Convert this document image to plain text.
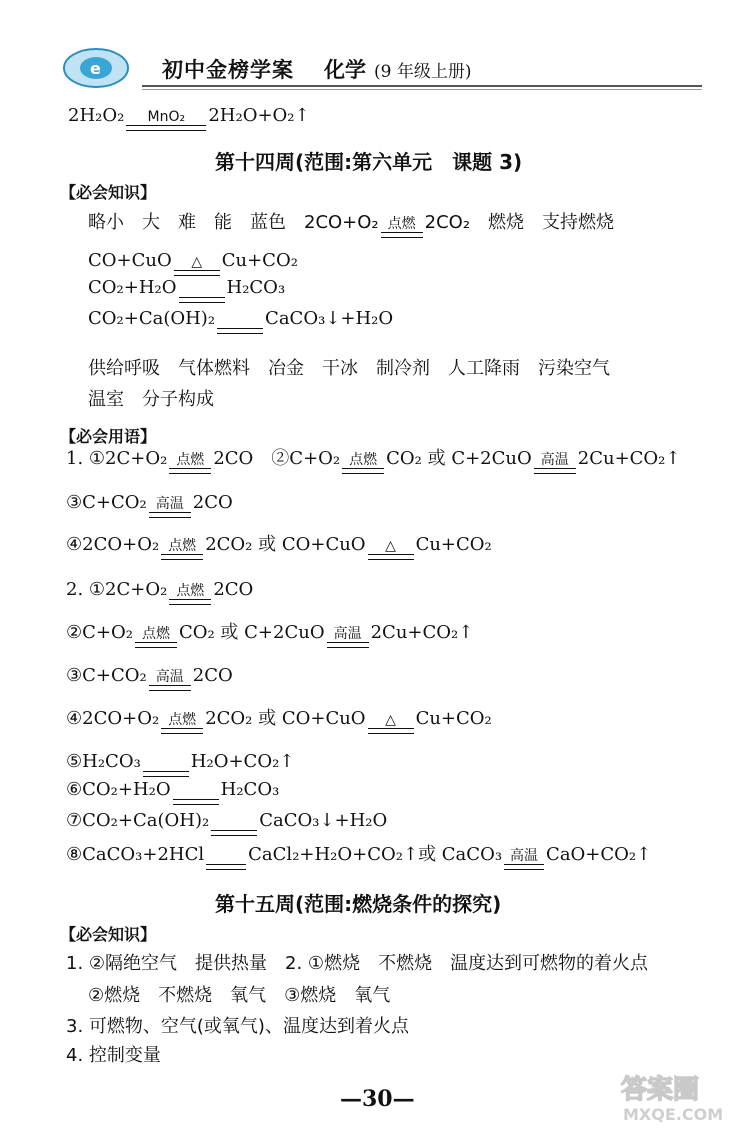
e	初中金榜学案 化学 (9 年级上册)
2H₂O₂	MnO₂	2H₂O+O₂↑
第十四周(范围:第六单元　课题 3)
【必会知识】
略小　大　难　能　蓝色　2CO+O₂ 点燃 2CO₂　燃烧　支持燃烧
CO+CuO	△	Cu+CO₂
CO₂+H₂O	H₂CO₃
CO₂+Ca(OH)₂	CaCO₃↓+H₂O
供给呼吸　气体燃料　冶金　干冰　制冷剂　人工降雨　污染空气
温室　分子构成
【必会用语】
1. ①2C+O₂ 点燃 2CO　②C+O₂ 点燃 CO₂ 或 C+2CuO 高温 2Cu+CO₂↑
③C+CO₂ 高温 2CO
④2CO+O₂ 点燃 2CO₂ 或 CO+CuO	△	Cu+CO₂
2. ①2C+O₂ 点燃 2CO
②C+O₂ 点燃 CO₂ 或 C+2CuO 高温 2Cu+CO₂↑
③C+CO₂ 高温 2CO
④2CO+O₂ 点燃 2CO₂ 或 CO+CuO	△	Cu+CO₂
⑤H₂CO₃	H₂O+CO₂↑
⑥CO₂+H₂O	H₂CO₃
⑦CO₂+Ca(OH)₂	CaCO₃↓+H₂O
⑧CaCO₃+2HCl CaCl₂+H₂O+CO₂↑或 CaCO₃ 高温 CaO+CO₂↑
第十五周(范围:燃烧条件的探究)
【必会知识】
1. ②隔绝空气　提供热量　2. ①燃烧　不燃烧　温度达到可燃物的着火点
②燃烧　不燃烧　氧气　③燃烧　氧气
3. 可燃物、空气(或氧气)、温度达到着火点
4. 控制变量
—30—	答案圈
MXQE.COM
